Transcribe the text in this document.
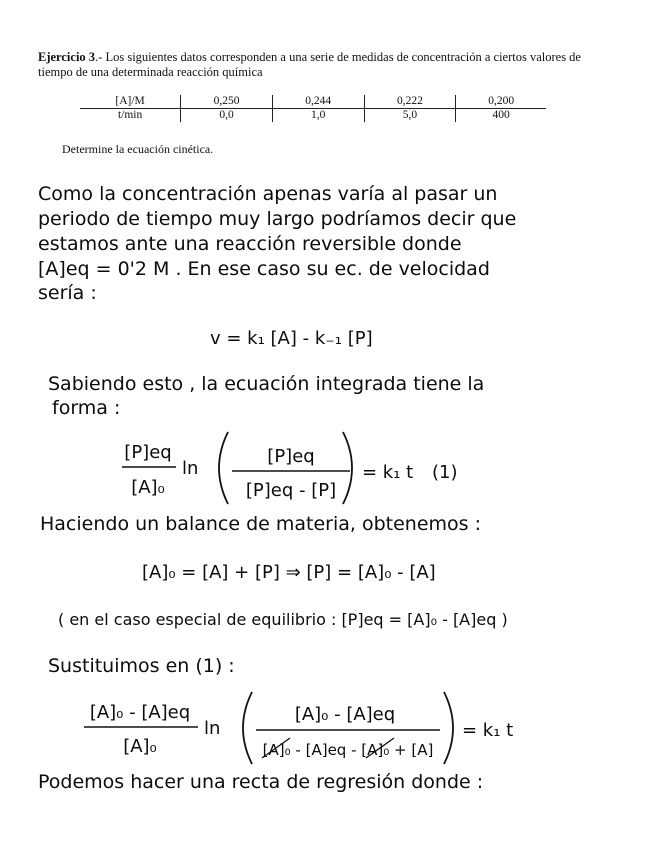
Ejercicio 3.- Los siguientes datos corresponden a una serie de medidas de concentración a ciertos valores de tiempo de una determinada reacción química
[A]/M	0,250	0,244	0,222	0,200
t/min	0,0	1,0	5,0	400
Determine la ecuación cinética.
Como la concentración apenas varía al pasar un
periodo de tiempo muy largo podríamos decir que
estamos ante una reacción reversible donde
[A]eq = 0'2 M . En ese caso su ec. de velocidad
sería :
v = k₁ [A] - k₋₁ [P]
Sabiendo esto , la ecuación integrada tiene la
forma :
[P]eq
[A]₀
ln
[P]eq
[P]eq - [P]
= k₁ t (1)
Haciendo un balance de materia, obtenemos :
[A]₀ = [A] + [P] ⇒ [P] = [A]₀ - [A]
( en el caso especial de equilibrio : [P]eq = [A]₀ - [A]eq )
Sustituimos en (1) :
[A]₀ - [A]eq
[A]₀
ln
[A]₀ - [A]eq
[A]₀ - [A]eq - [A]₀ + [A]
= k₁ t
Podemos hacer una recta de regresión donde :
